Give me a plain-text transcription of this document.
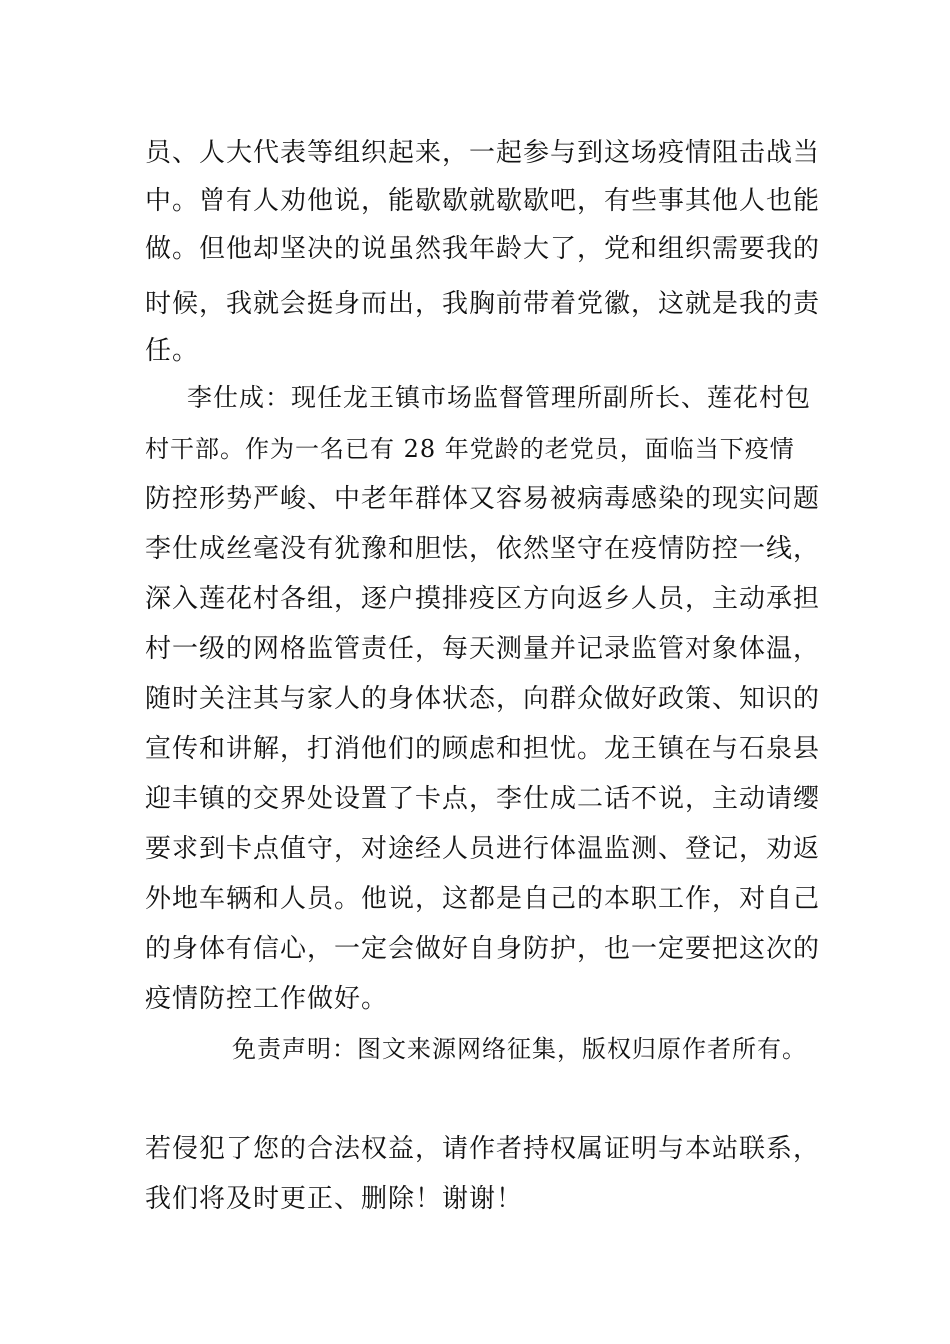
员、人大代表等组织起来，一起参与到这场疫情阻击战当
中。曾有人劝他说，能歇歇就歇歇吧，有些事其他人也能
做。但他却坚决的说虽然我年龄大了，党和组织需要我的
时候，我就会挺身而出，我胸前带着党徽，这就是我的责
任。
李仕成：现任龙王镇市场监督管理所副所长、莲花村包
村干部。作为一名已有 28 年党龄的老党员，面临当下疫情
防控形势严峻、中老年群体又容易被病毒感染的现实问题
李仕成丝毫没有犹豫和胆怯，依然坚守在疫情防控一线，
深入莲花村各组，逐户摸排疫区方向返乡人员，主动承担
村一级的网格监管责任，每天测量并记录监管对象体温，
随时关注其与家人的身体状态，向群众做好政策、知识的
宣传和讲解，打消他们的顾虑和担忧。龙王镇在与石泉县
迎丰镇的交界处设置了卡点，李仕成二话不说，主动请缨
要求到卡点值守，对途经人员进行体温监测、登记，劝返
外地车辆和人员。他说，这都是自己的本职工作，对自己
的身体有信心，一定会做好自身防护，也一定要把这次的
疫情防控工作做好。
免责声明：图文来源网络征集，版权归原作者所有。
若侵犯了您的合法权益，请作者持权属证明与本站联系，
我们将及时更正、删除！谢谢！
